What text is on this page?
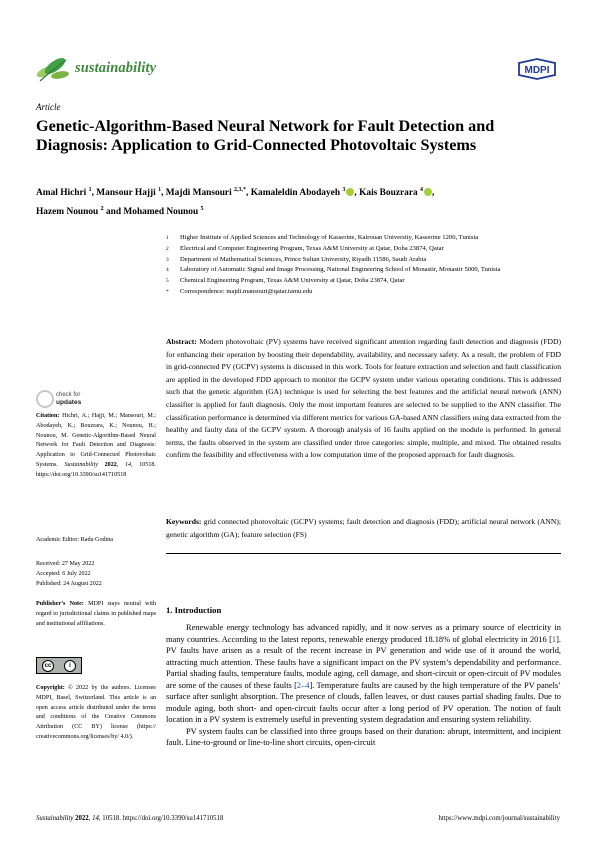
sustainability	MDPI
Article
Genetic-Algorithm-Based Neural Network for Fault Detection and Diagnosis: Application to Grid-Connected Photovoltaic Systems
Amal Hichri $^1$, Mansour Hajji $^1$, Majdi Mansouri $^{2,3,*}$, Kamaleldin Abodayeh $^3$ , Kais Bouzrara $^4$ ,
Hazem Nounou $^2$ and Mohamed Nounou $^5$
1	Higher Institute of Applied Sciences and Technology of Kasserine, Kairouan University, Kasserine 1200, Tunisia
2	Electrical and Computer Engineering Program, Texas A&M University at Qatar, Doha 23874, Qatar
3	Department of Mathematical Sciences, Prince Sultan University, Riyadh 11586, Saudi Arabia
4	Laboratory of Automatic Signal and Image Processing, National Engineering School of Monastir, Monastir 5000, Tunisia
5	Chemical Engineering Program, Texas A&M University at Qatar, Doha 23874, Qatar
*	Correspondence: majdi.mansouri@qatar.tamu.edu
Abstract: Modern photovoltaic (PV) systems have received significant attention regarding fault detection and diagnosis (FDD) for enhancing their operation by boosting their dependability, availability, and necessary safety. As a result, the problem of FDD in grid-connected PV (GCPV) systems is discussed in this work. Tools for feature extraction and selection and fault classification are applied in the developed FDD approach to monitor the GCPV system under various operating conditions. This is addressed such that the genetic algorithm (GA) technique is used for selecting the best features and the artificial neural network (ANN) classifier is applied for fault diagnosis. Only the most important features are selected to be supplied to the ANN classifier. The classification performance is determined via different metrics for various GA-based ANN classifiers using data extracted from the healthy and faulty data of the GCPV system. A thorough analysis of 16 faults applied on the module is performed. In general terms, the faults observed in the system are classified under three categories: simple, multiple, and mixed. The obtained results confirm the feasibility and effectiveness with a low computation time of the proposed approach for fault diagnosis.
Keywords: grid connected photovoltaic (GCPV) systems; fault detection and diagnosis (FDD); artificial neural network (ANN); genetic algorithm (GA); feature selection (FS)
check for
updates
Citation: Hichri, A.; Hajji, M.; Mansouri, M.; Abodayeh, K.; Bouzrara, K.; Nounou, H.; Nounou, M. Genetic-Algorithm-Based Neural Network for Fault Detection and Diagnosis: Application to Grid-Connected Photovoltaic Systems. Sustainability 2022, 14, 10518. https://doi.org/10.3390/su141710518
Academic Editor: Radu Godina
Received: 27 May 2022
Accepted: 6 July 2022
Published: 24 August 2022
Publisher’s Note: MDPI stays neutral with regard to jurisdictional claims in published maps and institutional affiliations.
cc	i
Copyright: © 2022 by the authors. Licensee MDPI, Basel, Switzerland. This article is an open access article distributed under the terms and conditions of the Creative Commons Attribution (CC BY) license (https:// creativecommons.org/licenses/by/ 4.0/).
1. Introduction

Renewable energy technology has advanced rapidly, and it now serves as a primary source of electricity in many countries. According to the latest reports, renewable energy produced 18.18% of global electricity in 2016 [1]. PV faults have arisen as a result of the recent increase in PV generation and wide use of it around the world, attracting much attention. These faults have a significant impact on the PV system’s dependability and performance. Partial shading faults, temperature faults, module aging, cell damage, and short-circuit or open-circuit of PV modules are some of the causes of these faults [2–4]. Temperature faults are caused by the high temperature of the PV panels’ surface after sunlight absorption. The presence of clouds, fallen leaves, or dust causes partial shading faults. Due to module aging, both short- and open-circuit faults occur after a long period of PV operation. The notion of fault location in a PV system is extremely useful in preventing system degradation and ensuring system reliability.

PV system faults can be classified into three groups based on their duration: abrupt, intermittent, and incipient fault. Line-to-ground or line-to-line short circuits, open-circuit

Sustainability 2022, 14, 10518. https://doi.org/10.3390/su141710518	https://www.mdpi.com/journal/sustainability
